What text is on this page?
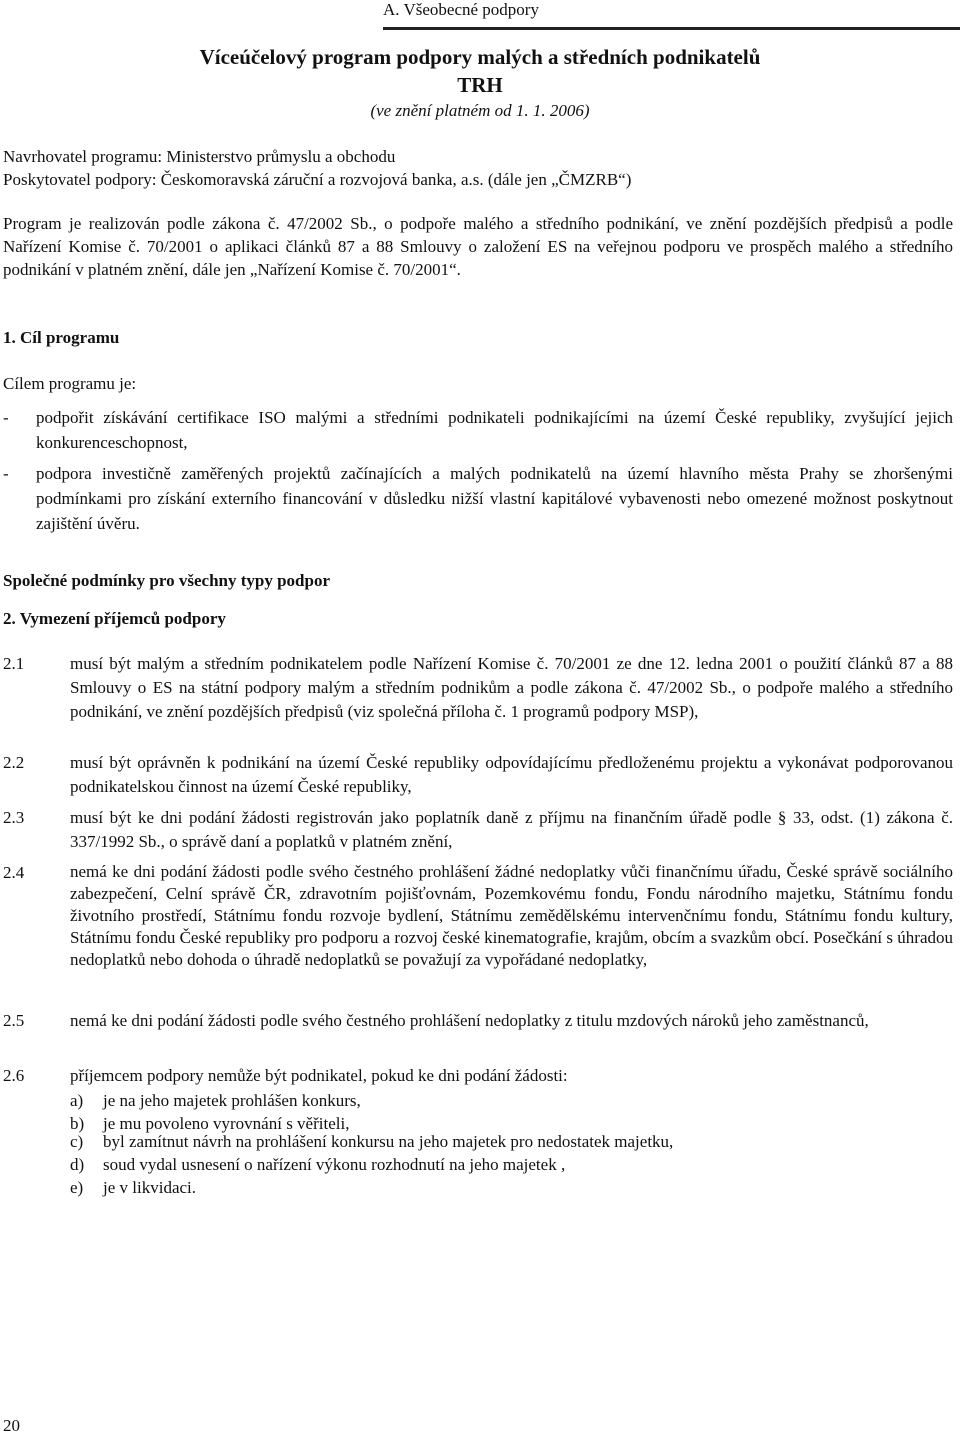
A. Všeobecné podpory
Víceúčelový program podpory malých a středních podnikatelů
TRH
(ve znění platném od 1. 1. 2006)
Navrhovatel programu: Ministerstvo průmyslu a obchodu
Poskytovatel podpory: Českomoravská záruční a rozvojová banka, a.s. (dále jen „ČMZRB“)
Program je realizován podle zákona č. 47/2002 Sb., o podpoře malého a středního podnikání, ve znění pozdějších předpisů a podle Nařízení Komise č. 70/2001 o aplikaci článků 87 a 88 Smlouvy o založení ES na veřejnou podporu ve prospěch malého a středního podnikání v platném znění, dále jen „Nařízení Komise č. 70/2001“.
1. Cíl programu
Cílem programu je:
- podpořit získávání certifikace ISO malými a středními podnikateli podnikajícími na území České republiky, zvyšující jejich konkurenceschopnost,
- podpora investičně zaměřených projektů začínajících a malých podnikatelů na území hlavního města Prahy se zhoršenými podmínkami pro získání externího financování v důsledku nižší vlastní kapitálové vybavenosti nebo omezené možnost poskytnout zajištění úvěru.
Společné podmínky pro všechny typy podpor
2. Vymezení příjemců podpory
2.1	musí být malým a středním podnikatelem podle Nařízení Komise č. 70/2001 ze dne 12. ledna 2001 o použití článků 87 a 88 Smlouvy o ES na státní podpory malým a středním podnikům a podle zákona č. 47/2002 Sb., o podpoře malého a středního podnikání, ve znění pozdějších předpisů (viz společná příloha č. 1 programů podpory MSP),
2.2	musí být oprávněn k podnikání na území České republiky odpovídajícímu předloženému projektu a vykonávat podporovanou podnikatelskou činnost na území České republiky,
2.3	musí být ke dni podání žádosti registrován jako poplatník daně z příjmu na finančním úřadě podle § 33, odst. (1) zákona č. 337/1992 Sb., o správě daní a poplatků v platném znění,
2.4	nemá ke dni podání žádosti podle svého čestného prohlášení žádné nedoplatky vůči finančnímu úřadu, České správě sociálního zabezpečení, Celní správě ČR, zdravotním pojišťovnám, Pozemkovému fondu, Fondu národního majetku, Státnímu fondu životního prostředí, Státnímu fondu rozvoje bydlení, Státnímu zemědělskému intervenčnímu fondu, Státnímu fondu kultury, Státnímu fondu České republiky pro podporu a rozvoj české kinematografie, krajům, obcím a svazkům obcí. Posečkání s úhradou nedoplatků nebo dohoda o úhradě nedoplatků se považují za vypořádané nedoplatky,
2.5	nemá ke dni podání žádosti podle svého čestného prohlášení nedoplatky z titulu mzdových nároků jeho zaměstnanců,
2.6	příjemcem podpory nemůže být podnikatel, pokud ke dni podání žádosti:
a) je na jeho majetek prohlášen konkurs,
b) je mu povoleno vyrovnání s věřiteli,
c) byl zamítnut návrh na prohlášení konkursu na jeho majetek pro nedostatek majetku,
d) soud vydal usnesení o nařízení výkonu rozhodnutí na jeho majetek ,
e) je v likvidaci.
20
